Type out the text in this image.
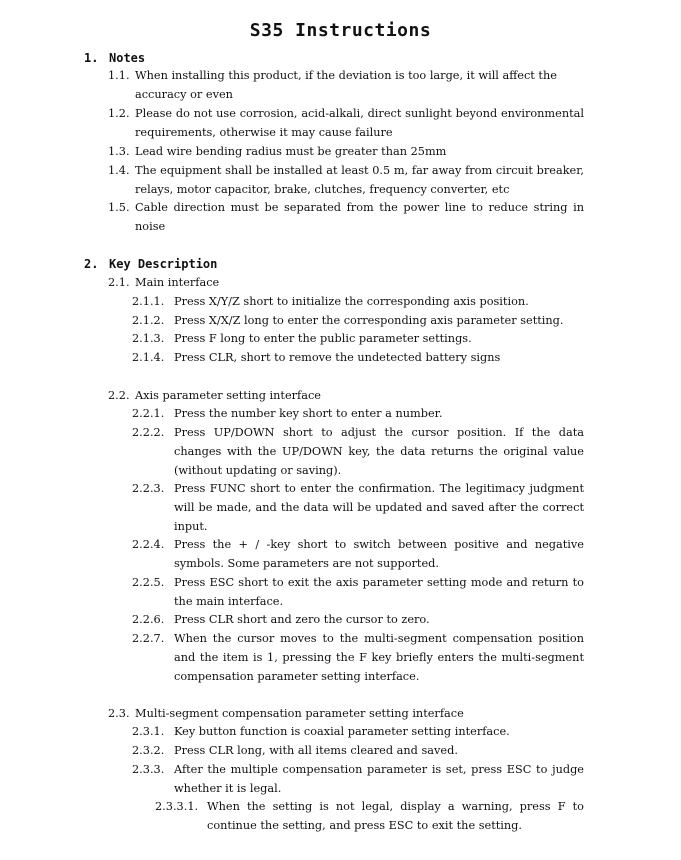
S35 Instructions
1. Notes
1.1. When installing this product, if the deviation is too large, it will affect the accuracy or even
1.2. Please do not use corrosion, acid-alkali, direct sunlight beyond environmental requirements, otherwise it may cause failure
1.3. Lead wire bending radius must be greater than 25mm
1.4. The equipment shall be installed at least 0.5 m, far away from circuit breaker, relays, motor capacitor, brake, clutches, frequency converter, etc
1.5. Cable direction must be separated from the power line to reduce string in noise
2. Key Description
2.1. Main interface
2.1.1. Press X/Y/Z short to initialize the corresponding axis position.
2.1.2. Press X/X/Z long to enter the corresponding axis parameter setting.
2.1.3. Press F long to enter the public parameter settings.
2.1.4. Press CLR, short to remove the undetected battery signs
2.2. Axis parameter setting interface
2.2.1. Press the number key short to enter a number.
2.2.2. Press UP/DOWN short to adjust the cursor position. If the data changes with the UP/DOWN key, the data returns the original value (without updating or saving).
2.2.3. Press FUNC short to enter the confirmation. The legitimacy judgment will be made, and the data will be updated and saved after the correct input.
2.2.4. Press the + / -key short to switch between positive and negative symbols. Some parameters are not supported.
2.2.5. Press ESC short to exit the axis parameter setting mode and return to the main interface.
2.2.6. Press CLR short and zero the cursor to zero.
2.2.7. When the cursor moves to the multi-segment compensation position and the item is 1, pressing the F key briefly enters the multi-segment compensation parameter setting interface.
2.3. Multi-segment compensation parameter setting interface
2.3.1. Key button function is coaxial parameter setting interface.
2.3.2. Press CLR long, with all items cleared and saved.
2.3.3. After the multiple compensation parameter is set, press ESC to judge whether it is legal.
2.3.3.1. When the setting is not legal, display a warning, press F to continue the setting, and press ESC to exit the setting.
